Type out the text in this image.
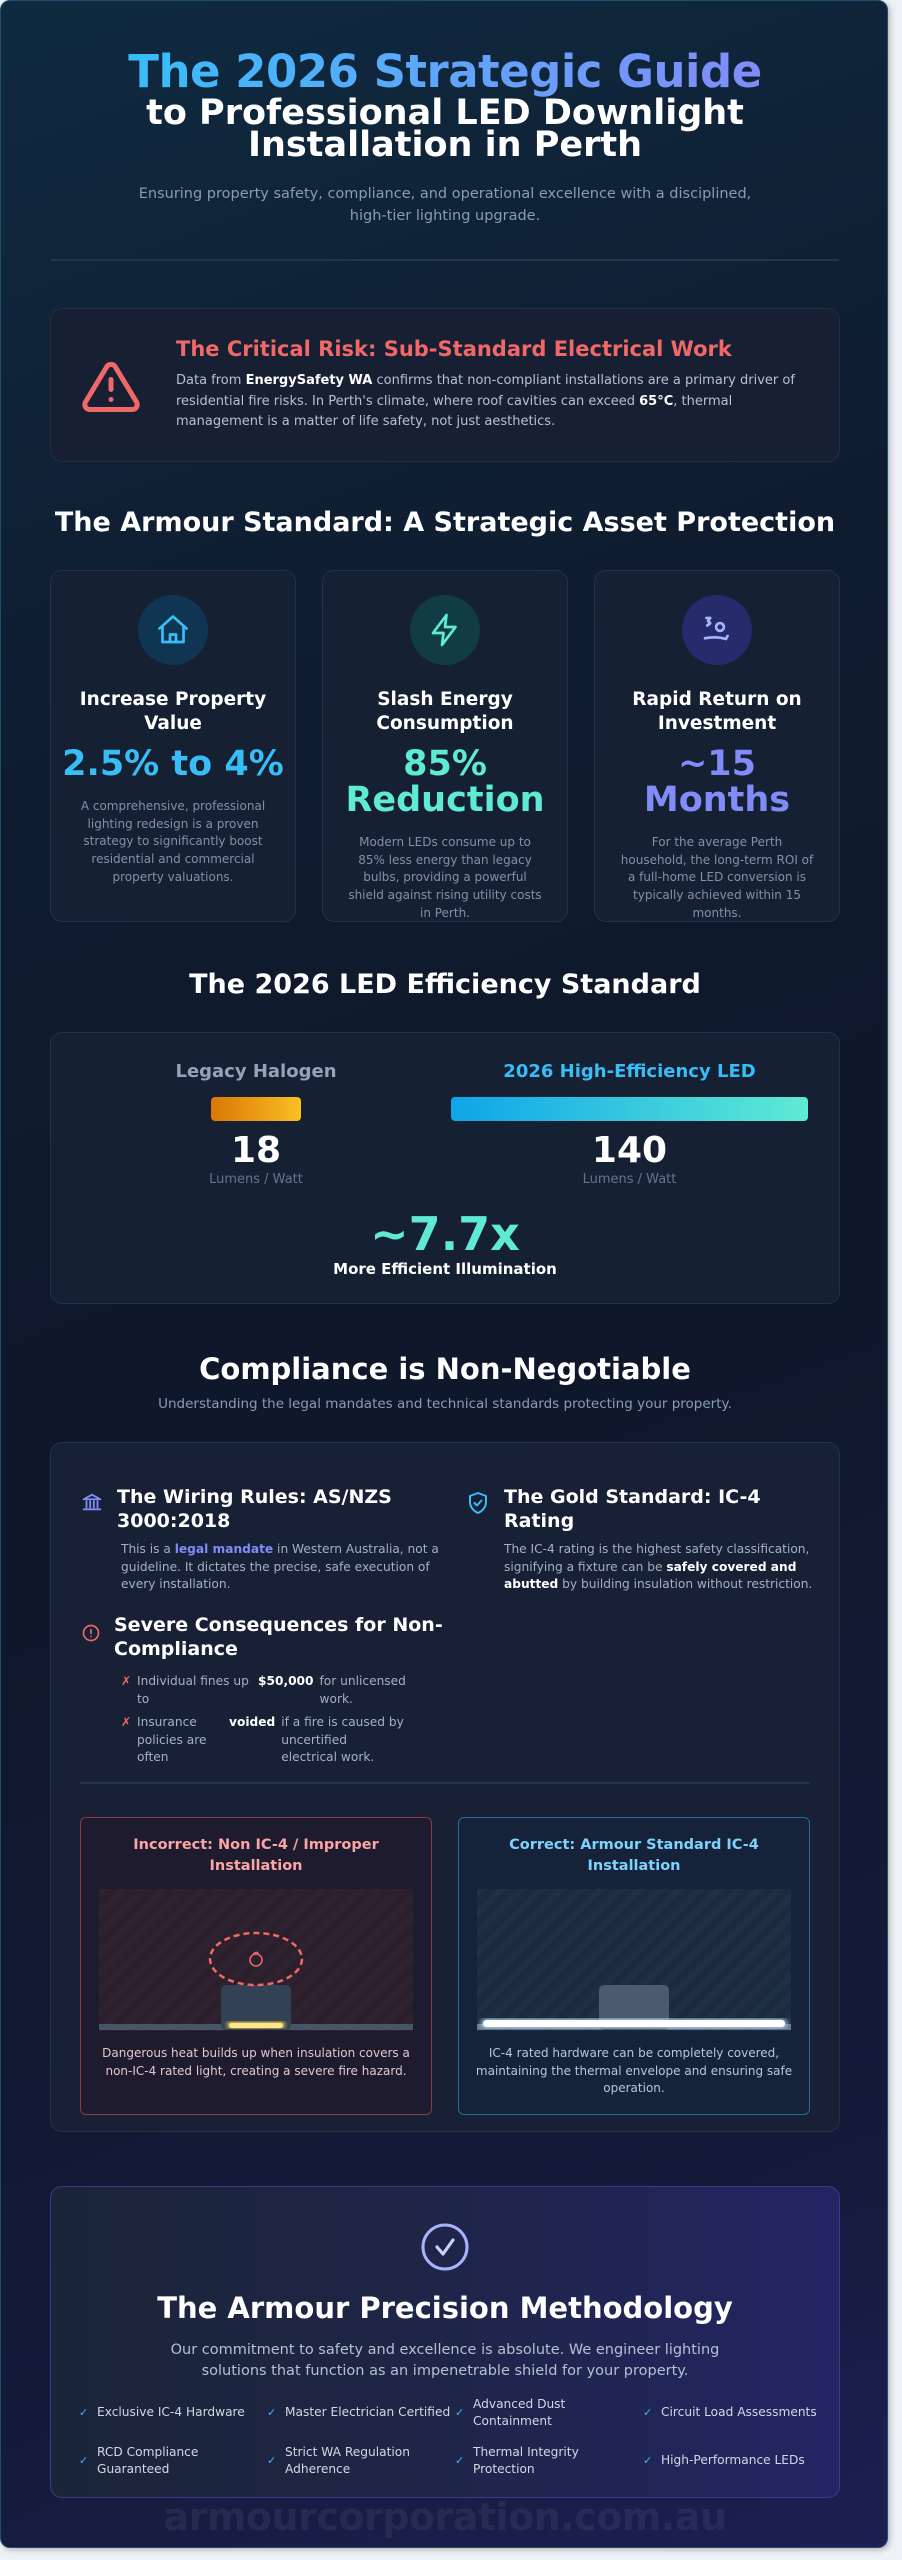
The 2026 Strategic Guide
to Professional LED Downlight
Installation in Perth

Ensuring property safety, compliance, and operational excellence with a disciplined, high-tier lighting upgrade.

The Critical Risk: Sub-Standard Electrical Work

Data from EnergySafety WA confirms that non-compliant installations are a primary driver of residential fire risks. In Perth's climate, where roof cavities can exceed 65°C, thermal management is a matter of life safety, not just aesthetics.

The Armour Standard: A Strategic Asset Protection
Increase Property Value
2.5% to 4%
A comprehensive, professional lighting redesign is a proven strategy to significantly boost residential and commercial property valuations.
Slash Energy Consumption
85% Reduction
Modern LEDs consume up to 85% less energy than legacy bulbs, providing a powerful shield against rising utility costs in Perth.
Rapid Return on Investment
~15 Months
For the average Perth household, the long-term ROI of a full-home LED conversion is typically achieved within 15 months.
The 2026 LED Efficiency Standard
Legacy Halogen
18
Lumens / Watt
2026 High-Efficiency LED
140
Lumens / Watt
~7.7x
More Efficient Illumination
Compliance is Non-Negotiable

Understanding the legal mandates and technical standards protecting your property.

The Wiring Rules: AS/NZS 3000:2018

This is a legal mandate in Western Australia, not a guideline. It dictates the precise, safe execution of every installation.

The Gold Standard: IC-4 Rating

The IC-4 rating is the highest safety classification, signifying a fixture can be safely covered and abutted by building insulation without restriction.

Severe Consequences for Non-Compliance
✗ Individual fines up to
$50,000 for unlicensed work.
✗ Insurance policies are often
voided if a fire is caused by uncertified electrical work.
Incorrect: Non IC-4 / Improper Installation
Dangerous heat builds up when insulation covers a non-IC-4 rated light, creating a severe fire hazard.
Correct: Armour Standard IC-4 Installation
IC-4 rated hardware can be completely covered, maintaining the thermal envelope and ensuring safe operation.
The Armour Precision Methodology

Our commitment to safety and excellence is absolute. We engineer lighting solutions that function as an impenetrable shield for your property.

✓ Exclusive IC-4 Hardware ✓ Master Electrician Certified ✓
Advanced Dust Containment
✓ Circuit Load Assessments
✓
RCD Compliance Guaranteed
✓
Strict WA Regulation Adherence
✓
Thermal Integrity Protection
✓ High-Performance LEDs
armourcorporation.com.au
